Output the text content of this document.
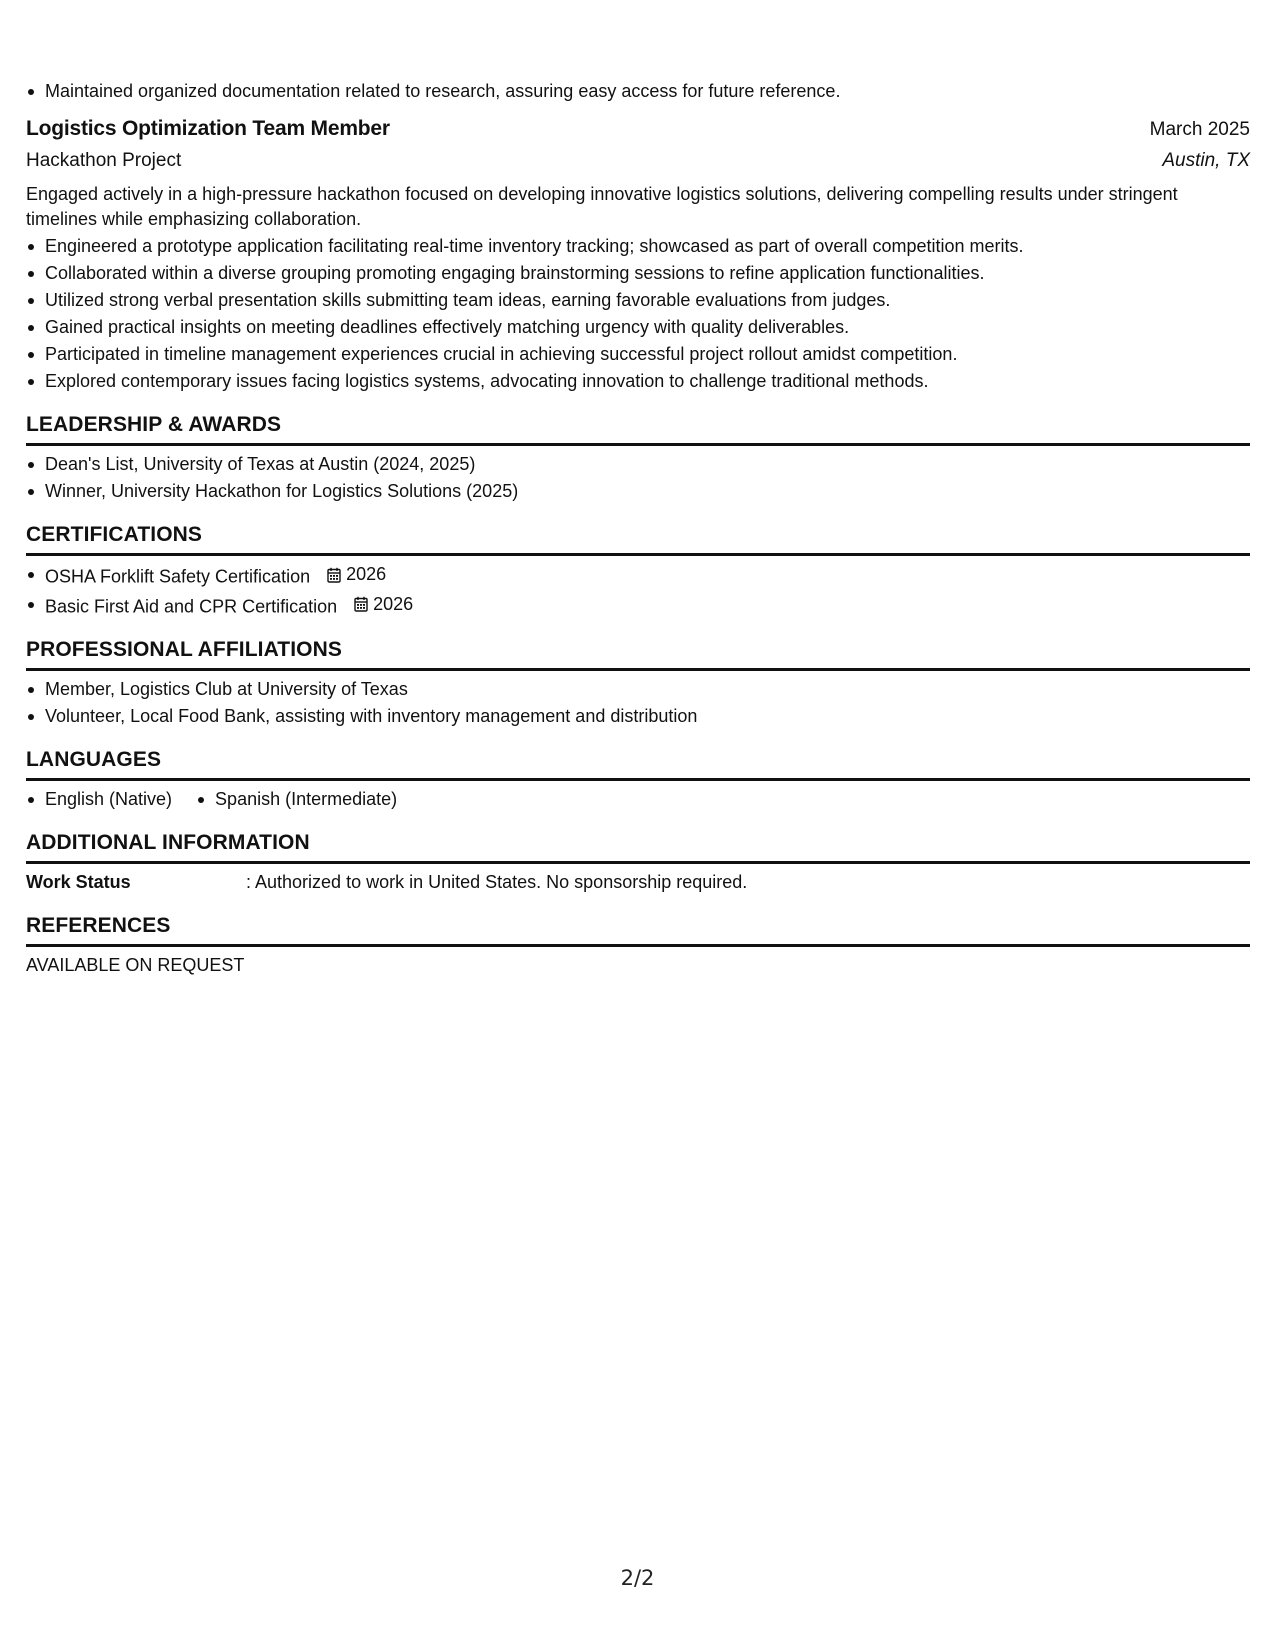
Maintained organized documentation related to research, assuring easy access for future reference.
Logistics Optimization Team Member	March 2025
Hackathon Project	Austin, TX
Engaged actively in a high-pressure hackathon focused on developing innovative logistics solutions, delivering compelling results under stringent timelines while emphasizing collaboration.
Engineered a prototype application facilitating real-time inventory tracking; showcased as part of overall competition merits.
Collaborated within a diverse grouping promoting engaging brainstorming sessions to refine application functionalities.
Utilized strong verbal presentation skills submitting team ideas, earning favorable evaluations from judges.
Gained practical insights on meeting deadlines effectively matching urgency with quality deliverables.
Participated in timeline management experiences crucial in achieving successful project rollout amidst competition.
Explored contemporary issues facing logistics systems, advocating innovation to challenge traditional methods.
LEADERSHIP & AWARDS
Dean's List, University of Texas at Austin (2024, 2025)
Winner, University Hackathon for Logistics Solutions (2025)
CERTIFICATIONS
OSHA Forklift Safety Certification 2026
Basic First Aid and CPR Certification 2026
PROFESSIONAL AFFILIATIONS
Member, Logistics Club at University of Texas
Volunteer, Local Food Bank, assisting with inventory management and distribution
LANGUAGES
English (Native)	Spanish (Intermediate)
ADDITIONAL INFORMATION
Work Status	: Authorized to work in United States. No sponsorship required.
REFERENCES
AVAILABLE ON REQUEST
2/2
